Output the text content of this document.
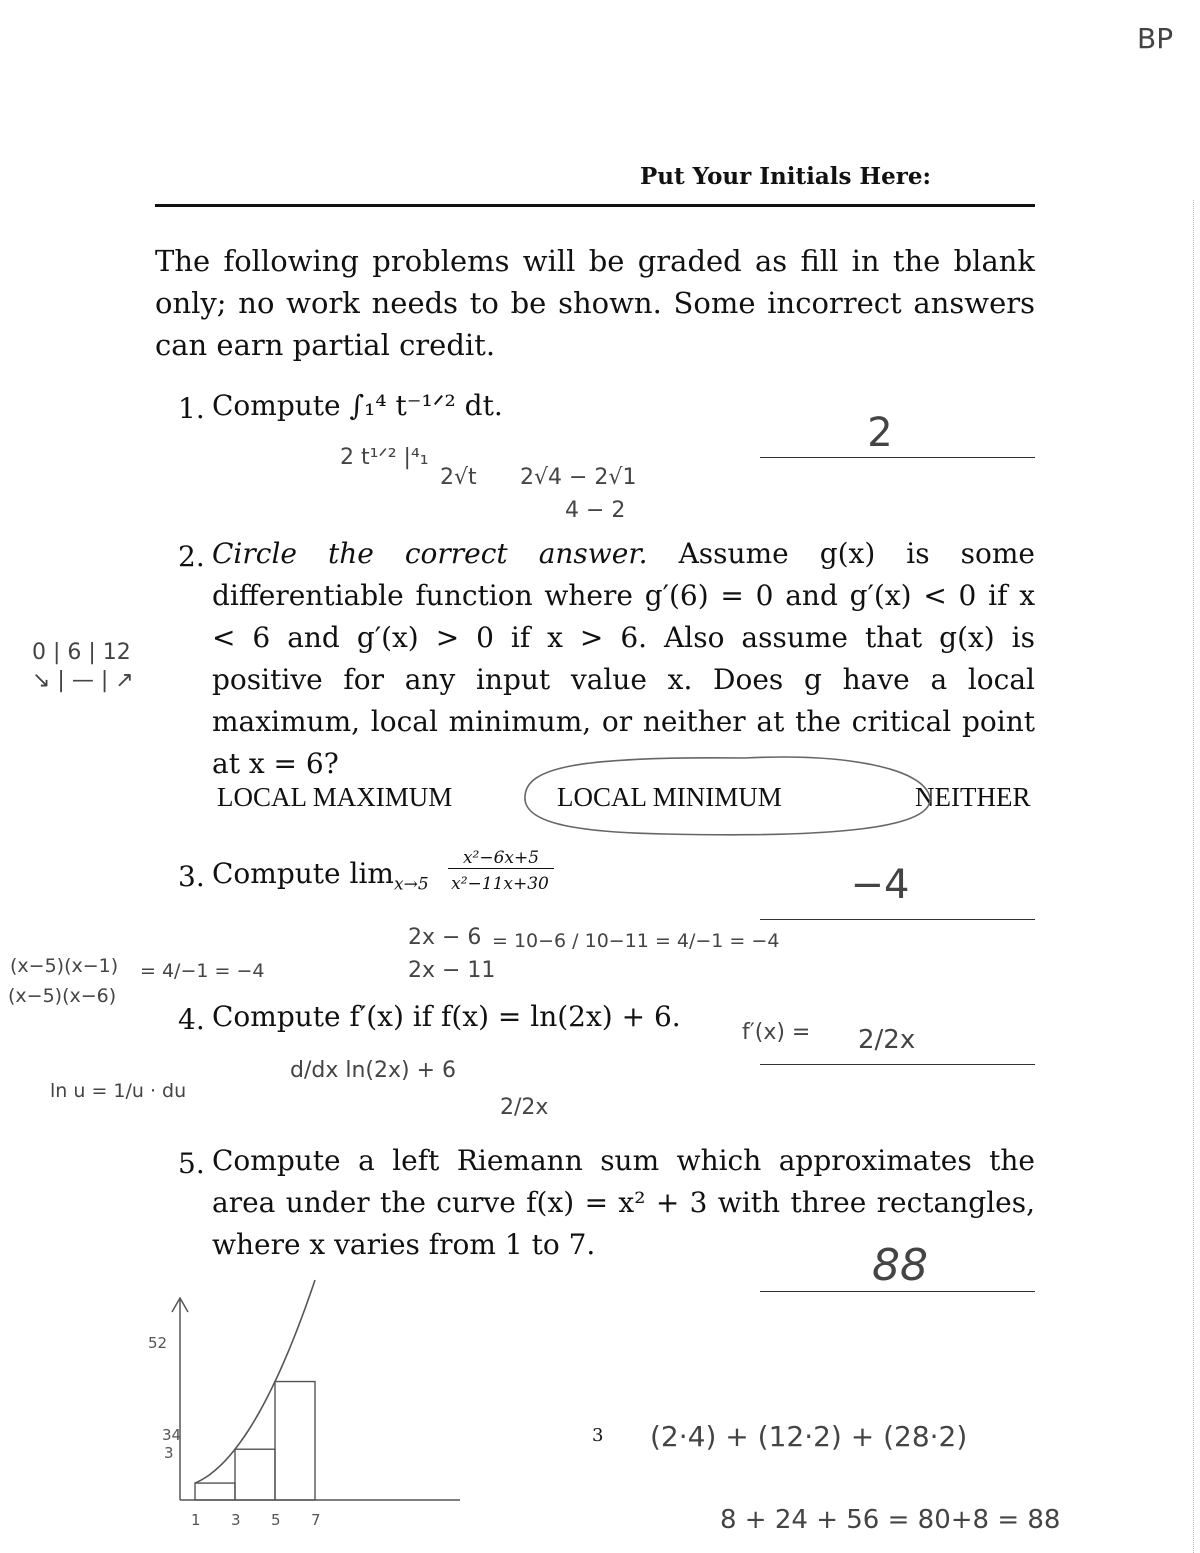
BP
Put Your Initials Here:
The following problems will be graded as fill in the blank only; no work needs to be shown. Some incorrect answers can earn partial credit.
1. Compute ∫₁⁴ t⁻¹ᐟ² dt.
2
2 t¹ᐟ² |⁴₁
2√t 2√4 − 2√1
4 − 2
2. Circle the correct answer. Assume g(x) is some differentiable function where g′(6) = 0 and g′(x) < 0 if x < 6 and g′(x) > 0 if x > 6. Also assume that g(x) is positive for any input value x. Does g have a local maximum, local minimum, or neither at the critical point at x = 6?
0 | 6 | 12
↘ | — | ↗
LOCAL MAXIMUM	LOCAL MINIMUM	NEITHER
3. Compute $\lim_{x\to 5}$
x²−6x+5
x²−11x+30	−4
2x − 6
2x − 11
= 10−6 / 10−11 = 4/−1 = −4
(x−5)(x−1)
(x−5)(x−6)
= 4/−1 = −4
4. Compute f′(x) if f(x) = ln(2x) + 6.	f′(x) = 2/2x
d/dx ln(2x) + 6
2/2x
ln u = 1/u · du
5. Compute a left Riemann sum which approximates the area under the curve f(x) = x² + 3 with three rectangles, where x varies from 1 to 7.	88
(2·4) + (12·2) + (28·2)
8 + 24 + 56 = 80+8 = 88
52
34
3
1 3 5 7
3
